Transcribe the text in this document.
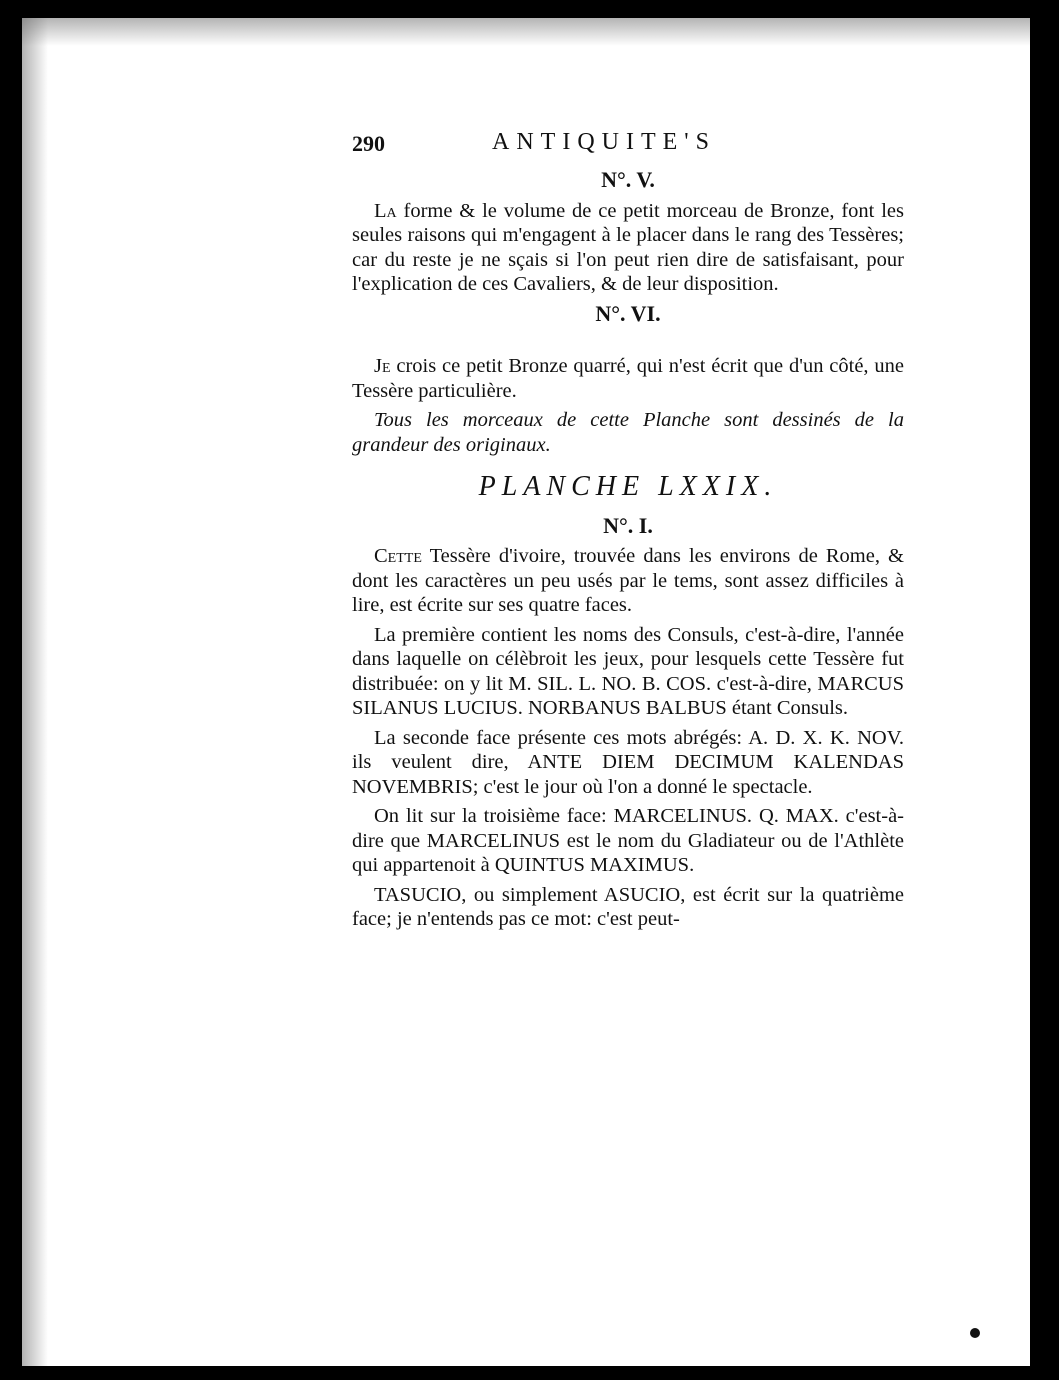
290	ANTIQUITE'S
N°. V.

La forme & le volume de ce petit morceau de Bronze, font les seules raisons qui m'engagent à le placer dans le rang des Tessères; car du reste je ne sçais si l'on peut rien dire de satisfaisant, pour l'explication de ces Cavaliers, & de leur disposition.

N°. VI.

Je crois ce petit Bronze quarré, qui n'est écrit que d'un côté, une Tessère particulière.

Tous les morceaux de cette Planche sont dessinés de la grandeur des originaux.

PLANCHE LXXIX.
N°. I.

Cette Tessère d'ivoire, trouvée dans les environs de Rome, & dont les caractères un peu usés par le tems, sont assez difficiles à lire, est écrite sur ses quatre faces.

La première contient les noms des Consuls, c'est-à-dire, l'année dans laquelle on célèbroit les jeux, pour lesquels cette Tessère fut distribuée: on y lit M. SIL. L. NO. B. COS. c'est-à-dire, MARCUS SILANUS LUCIUS. NORBANUS BALBUS étant Consuls.

La seconde face présente ces mots abrégés: A. D. X. K. NOV. ils veulent dire, ANTE DIEM DECIMUM KALENDAS NOVEMBRIS; c'est le jour où l'on a donné le spectacle.

On lit sur la troisième face: MARCELINUS. Q. MAX. c'est-à-dire que MARCELINUS est le nom du Gladiateur ou de l'Athlète qui appartenoit à QUINTUS MAXIMUS.

TASUCIO, ou simplement ASUCIO, est écrit sur la quatrième face; je n'entends pas ce mot: c'est peut-
